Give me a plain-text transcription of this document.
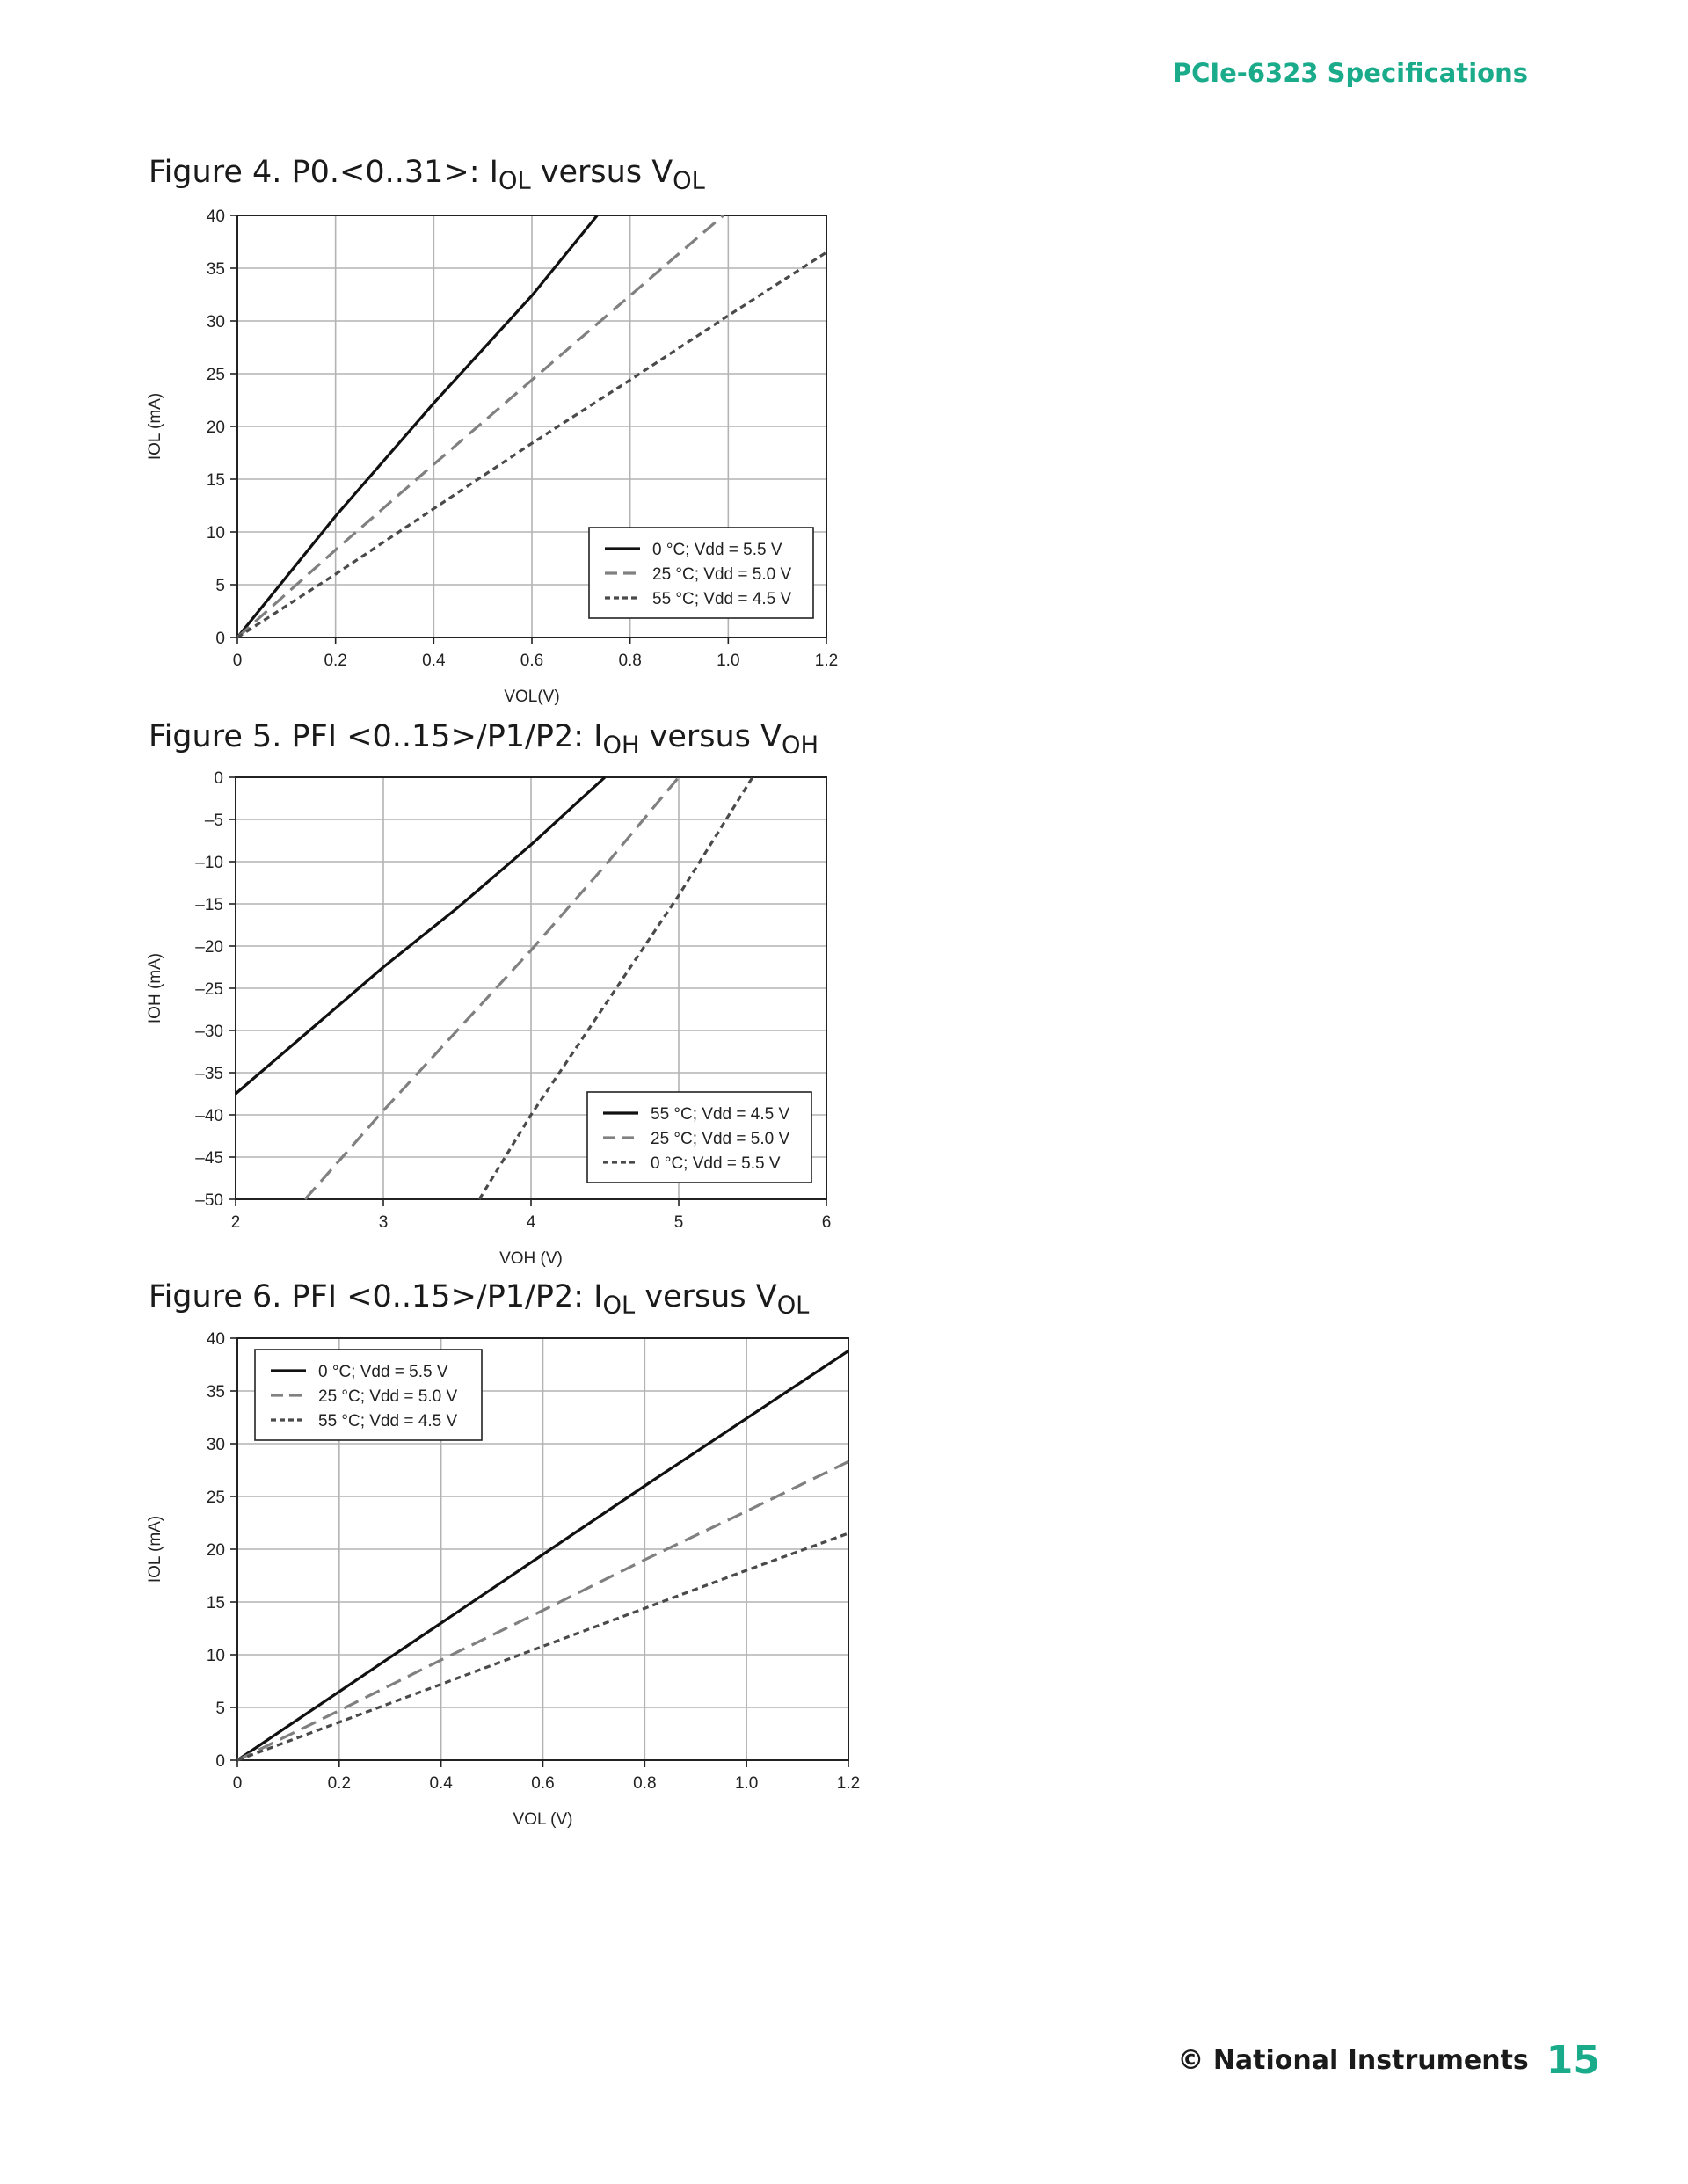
PCIe-6323 Specifications
Figure 4. P0.<0..31>: $I_{OL}$ versus $V_{OL}$
0
5
10
15
20
25
30
35
40
0	0.2	0.4	0.6	0.8	1.0	1.2
VOL(V)
IOL (mA)
0 °C; Vdd = 5.5 V
25 °C; Vdd = 5.0 V
55 °C; Vdd = 4.5 V
Figure 5. PFI <0..15>/P1/P2: $I_{OH}$ versus $V_{OH}$
0
–5
–10
–15
–20
–25
–30
–35
–40
–45
–50
2	3	4	5	6
VOH (V)
IOH (mA)
55 °C; Vdd = 4.5 V
25 °C; Vdd = 5.0 V
0 °C; Vdd = 5.5 V
Figure 6. PFI <0..15>/P1/P2: $I_{OL}$ versus $V_{OL}$
0
5
10
15
20
25
30
35
40
0	0.2	0.4	0.6	0.8	1.0	1.2
VOL (V)
IOL (mA)
0 °C; Vdd = 5.5 V
25 °C; Vdd = 5.0 V
55 °C; Vdd = 4.5 V
© National Instruments 15
